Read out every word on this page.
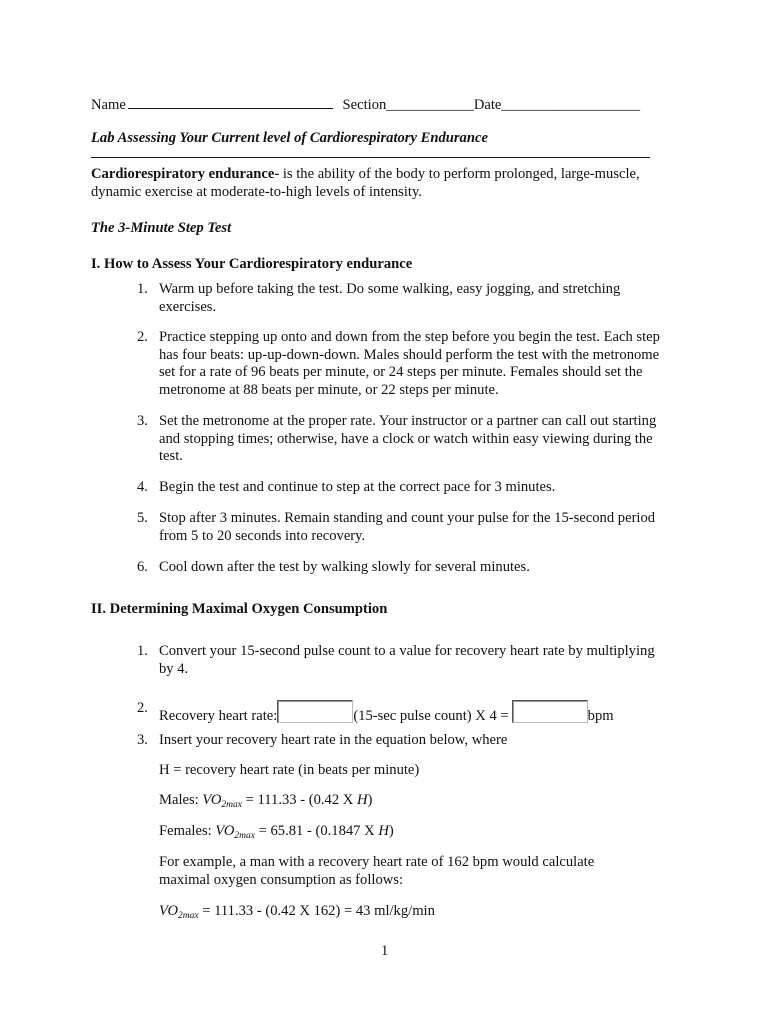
Name	Section____________Date___________________
Lab Assessing Your Current level of Cardiorespiratory Endurance
Cardiorespiratory endurance- is the ability of the body to perform prolonged, large-muscle, dynamic exercise at moderate-to-high levels of intensity.
The 3-Minute Step Test
I. How to Assess Your Cardiorespiratory endurance
1. Warm up before taking the test. Do some walking, easy jogging, and stretching exercises.
2. Practice stepping up onto and down from the step before you begin the test. Each step has four beats: up-up-down-down. Males should perform the test with the metronome set for a rate of 96 beats per minute, or 24 steps per minute. Females should set the metronome at 88 beats per minute, or 22 steps per minute.
3. Set the metronome at the proper rate. Your instructor or a partner can call out starting and stopping times; otherwise, have a clock or watch within easy viewing during the test.
4. Begin the test and continue to step at the correct pace for 3 minutes.
5. Stop after 3 minutes. Remain standing and count your pulse for the 15-second period from 5 to 20 seconds into recovery.
6. Cool down after the test by walking slowly for several minutes.
II. Determining Maximal Oxygen Consumption
1. Convert your 15-second pulse count to a value for recovery heart rate by multiplying by 4.
2. Recovery heart rate:	(15-sec pulse count) X 4 =	bpm
3. Insert your recovery heart rate in the equation below, where
H = recovery heart rate (in beats per minute)
Males: $VO_{2max} = 111.33 - (0.42$ X H)
Females: $VO_{2max} = 65.81 - (0.1847$ X H)
For example, a man with a recovery heart rate of 162 bpm would calculate maximal oxygen consumption as follows:
$VO_{2max} = 111.33 - (0.42$ X 162) = 43 ml/kg/min
1
